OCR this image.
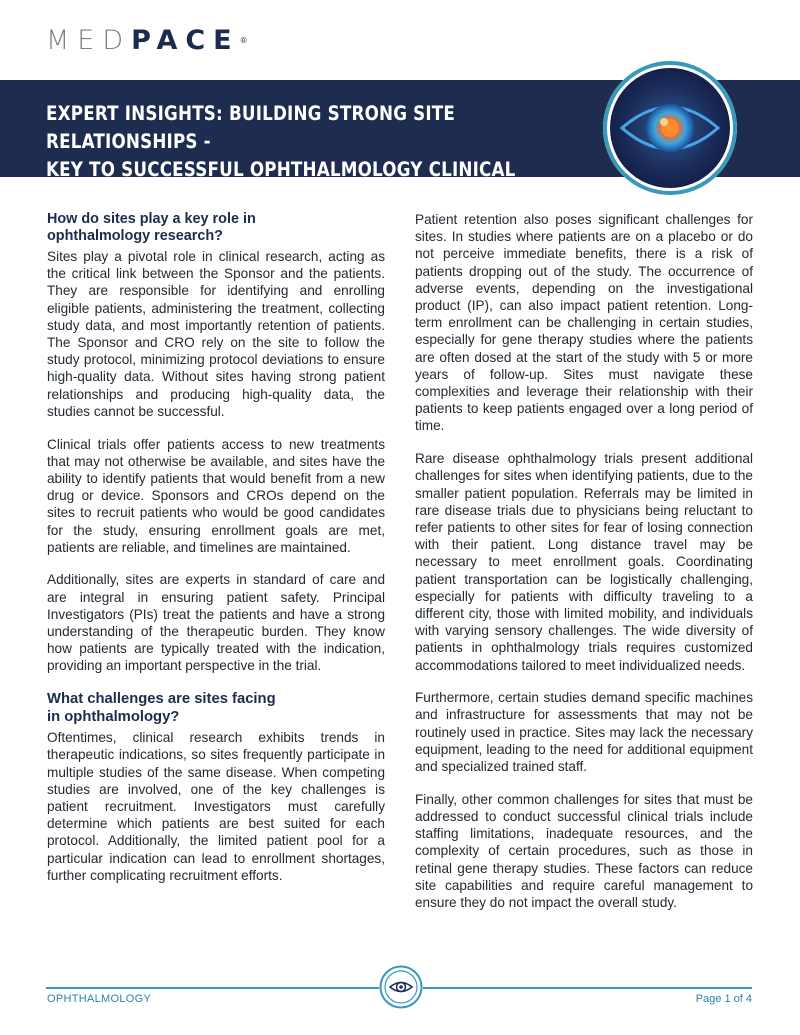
MEDPACE®
EXPERT INSIGHTS: BUILDING STRONG SITE RELATIONSHIPS -
KEY TO SUCCESSFUL OPHTHALMOLOGY CLINICAL TRIALS
How do sites play a key role in
ophthalmology research?

Sites play a pivotal role in clinical research, acting as the critical link between the Sponsor and the patients. They are responsible for identifying and enrolling eligible patients, administering the treatment, collecting study data, and most importantly retention of patients. The Sponsor and CRO rely on the site to follow the study protocol, minimizing protocol deviations to ensure high-quality data. Without sites having strong patient relationships and producing high-quality data, the studies cannot be successful.

Clinical trials offer patients access to new treatments that may not otherwise be available, and sites have the ability to identify patients that would benefit from a new drug or device. Sponsors and CROs depend on the sites to recruit patients who would be good candidates for the study, ensuring enrollment goals are met, patients are reliable, and timelines are maintained.

Additionally, sites are experts in standard of care and are integral in ensuring patient safety. Principal Investigators (PIs) treat the patients and have a strong understanding of the therapeutic burden. They know how patients are typically treated with the indication, providing an important perspective in the trial.

What challenges are sites facing
in ophthalmology?

Oftentimes, clinical research exhibits trends in therapeutic indications, so sites frequently participate in multiple studies of the same disease. When competing studies are involved, one of the key challenges is patient recruitment. Investigators must carefully determine which patients are best suited for each protocol. Additionally, the limited patient pool for a particular indication can lead to enrollment shortages, further complicating recruitment efforts.

Patient retention also poses significant challenges for sites. In studies where patients are on a placebo or do not perceive immediate benefits, there is a risk of patients dropping out of the study. The occurrence of adverse events, depending on the investigational product (IP), can also impact patient retention. Long-term enrollment can be challenging in certain studies, especially for gene therapy studies where the patients are often dosed at the start of the study with 5 or more years of follow-up. Sites must navigate these complexities and leverage their relationship with their patients to keep patients engaged over a long period of time.

Rare disease ophthalmology trials present additional challenges for sites when identifying patients, due to the smaller patient population. Referrals may be limited in rare disease trials due to physicians being reluctant to refer patients to other sites for fear of losing connection with their patient. Long distance travel may be necessary to meet enrollment goals. Coordinating patient transportation can be logistically challenging, especially for patients with difficulty traveling to a different city, those with limited mobility, and individuals with varying sensory challenges. The wide diversity of patients in ophthalmology trials requires customized accommodations tailored to meet individualized needs.

Furthermore, certain studies demand specific machines and infrastructure for assessments that may not be routinely used in practice. Sites may lack the necessary equipment, leading to the need for additional equipment and specialized trained staff.

Finally, other common challenges for sites that must be addressed to conduct successful clinical trials include staffing limitations, inadequate resources, and the complexity of certain procedures, such as those in retinal gene therapy studies. These factors can reduce site capabilities and require careful management to ensure they do not impact the overall study.

OPHTHALMOLOGY	Page 1 of 4
